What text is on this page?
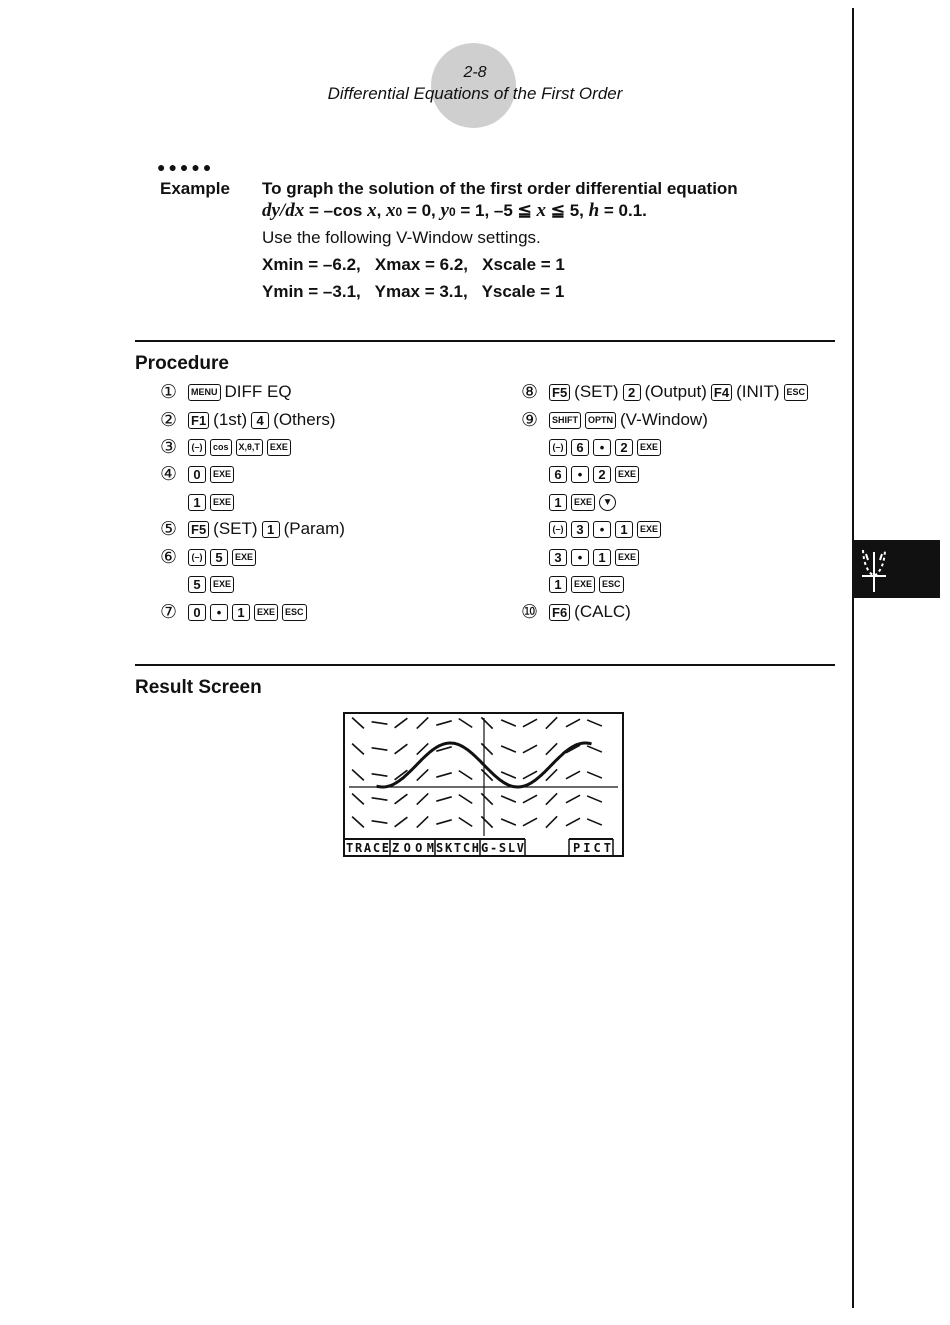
2-8
Differential Equations of the First Order
●●●●●
Example To graph the solution of the first order differential equation
dy/dx = –cos x, x0 = 0, y0 = 1, –5 ≦ x ≦ 5, h = 0.1.
Use the following V-Window settings.
Xmin = –6.2,   Xmax = 6.2,   Xscale = 1
Ymin = –3.1,   Ymax = 3.1,   Yscale = 1
Procedure
①	MENU DIFF EQ
②	F1 (1st) 4 (Others)
③	(–)	cos	X,θ,T	EXE
④	0	EXE
1	EXE
⑤	F5 (SET) 1 (Param)
⑥	(–) 5	EXE
5	EXE
⑦	0	•	1	EXE	ESC
⑧	F5 (SET) 2 (Output) F4 (INIT) ESC
⑨	SHIFT	OPTN (V-Window)
(–) 6	•	2	EXE
6	•	2	EXE
1	EXE	▼
(–) 3	•	1	EXE
3	•	1	EXE
1	EXE	ESC
⑩	F6 (CALC)
Result Screen
TRACE ZOOM SKTCH G-SLV	PICT
